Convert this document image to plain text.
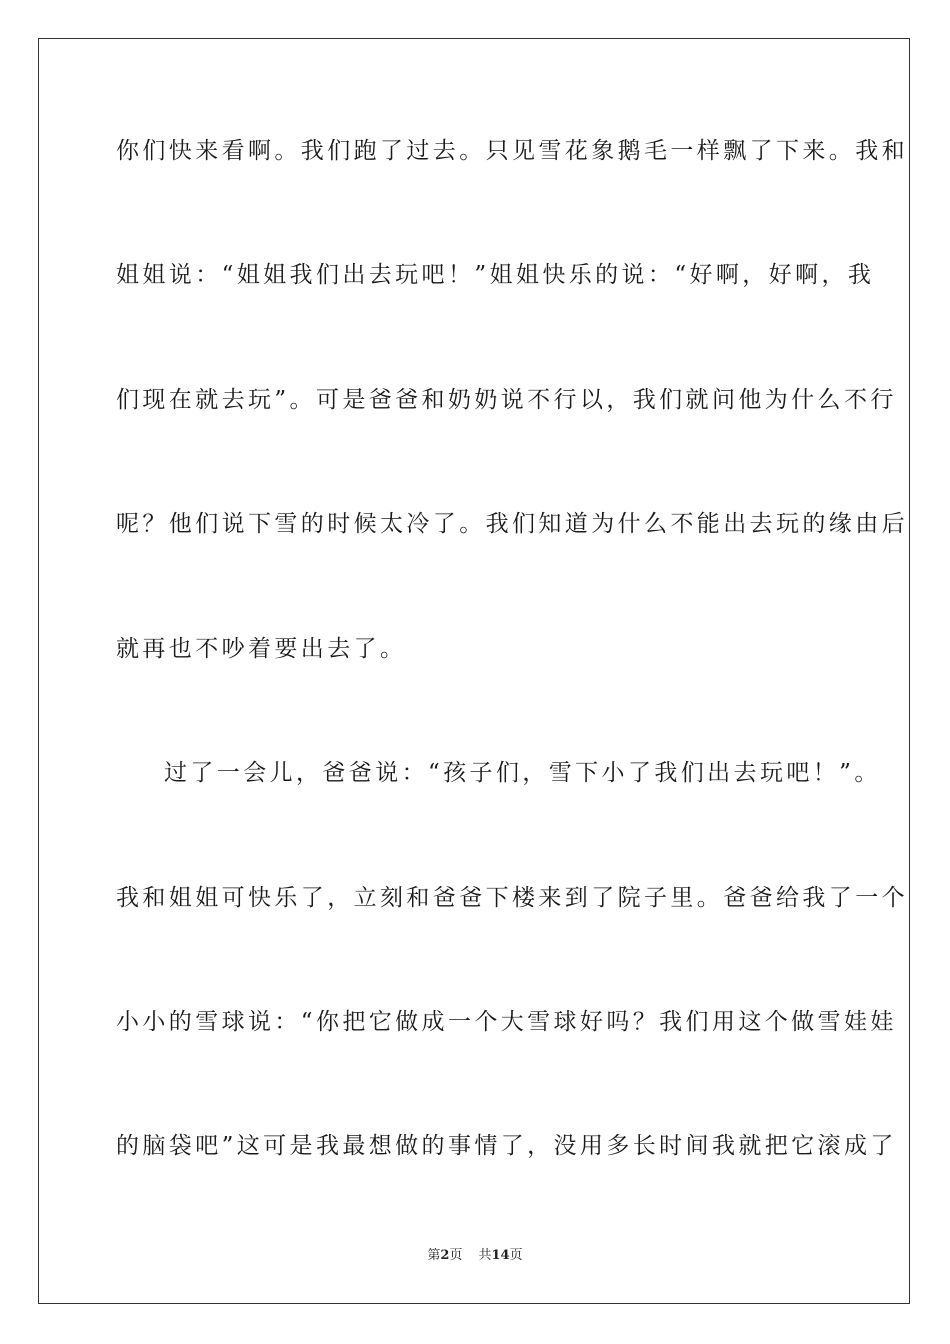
你们快来看啊。我们跑了过去。只见雪花象鹅毛一样飘了下来。我和
姐姐说：“姐姐我们出去玩吧！”姐姐快乐的说：“好啊，好啊，我
们现在就去玩”。可是爸爸和奶奶说不行以，我们就问他为什么不行
呢？他们说下雪的时候太冷了。我们知道为什么不能出去玩的缘由后
就再也不吵着要出去了。
过了一会儿，爸爸说：“孩子们，雪下小了我们出去玩吧！”。
我和姐姐可快乐了，立刻和爸爸下楼来到了院子里。爸爸给我了一个
小小的雪球说：“你把它做成一个大雪球好吗？我们用这个做雪娃娃
的脑袋吧”这可是我最想做的事情了，没用多长时间我就把它滚成了
第2页 共14页
